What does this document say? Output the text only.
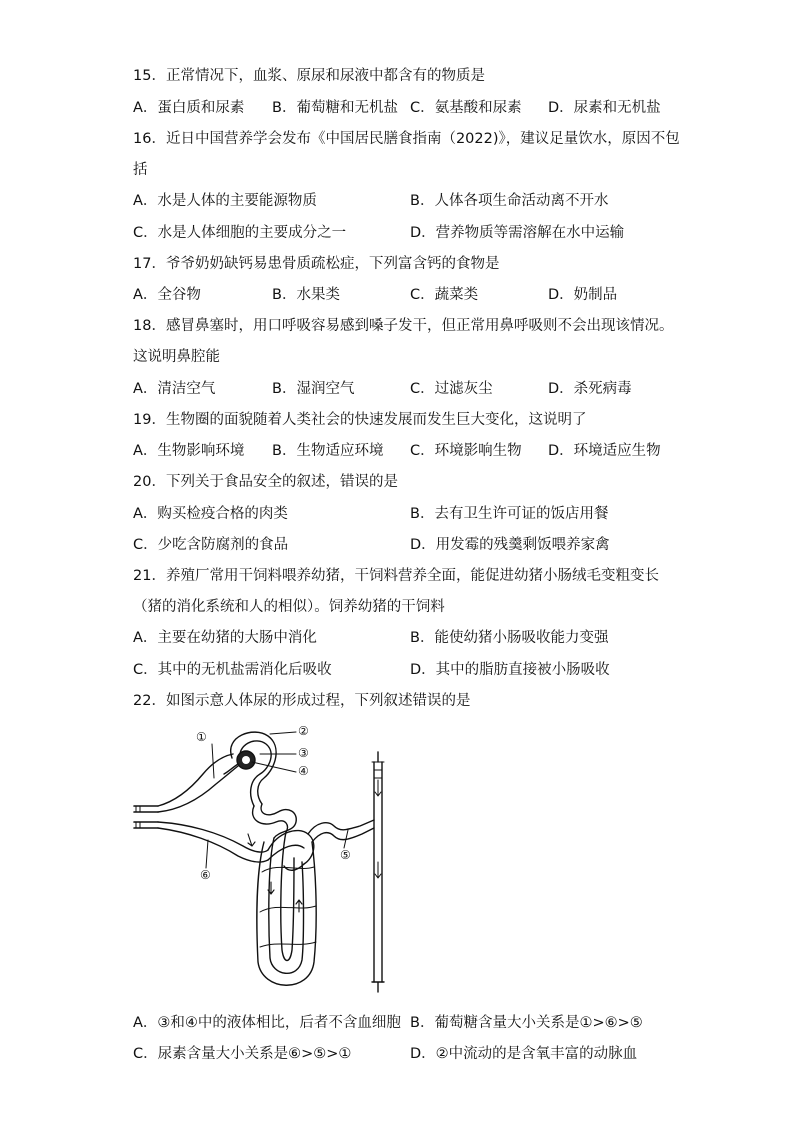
15．正常情况下，血浆、原尿和尿液中都含有的物质是
A．蛋白质和尿素 B．葡萄糖和无机盐 C．氨基酸和尿素 D．尿素和无机盐
16．近日中国营养学会发布《中国居民膳食指南（2022)》，建议足量饮水，原因不包
括
A．水是人体的主要能源物质	B．人体各项生命活动离不开水
C．水是人体细胞的主要成分之一	D．营养物质等需溶解在水中运输
17．爷爷奶奶缺钙易患骨质疏松症，下列富含钙的食物是
A．全谷物	B．水果类	C．蔬菜类	D．奶制品
18．感冒鼻塞时，用口呼吸容易感到嗓子发干，但正常用鼻呼吸则不会出现该情况。
这说明鼻腔能
A．清洁空气	B．湿润空气	C．过滤灰尘	D．杀死病毒
19．生物圈的面貌随着人类社会的快速发展而发生巨大变化，这说明了
A．生物影响环境 B．生物适应环境 C．环境影响生物 D．环境适应生物
20．下列关于食品安全的叙述，错误的是
A．购买检疫合格的肉类	B．去有卫生许可证的饭店用餐
C．少吃含防腐剂的食品	D．用发霉的残羹剩饭喂养家禽
21．养殖厂常用干饲料喂养幼猪，干饲料营养全面，能促进幼猪小肠绒毛变粗变长
（猪的消化系统和人的相似）。饲养幼猪的干饲料
A．主要在幼猪的大肠中消化	B．能使幼猪小肠吸收能力变强
C．其中的无机盐需消化后吸收	D．其中的脂肪直接被小肠吸收
22．如图示意人体尿的形成过程，下列叙述错误的是
①	②
③
④
⑤
⑥
A．③和④中的液体相比，后者不含血细胞 B．葡萄糖含量大小关系是①>⑥>⑤
C．尿素含量大小关系是⑥>⑤>①	D．②中流动的是含氧丰富的动脉血
